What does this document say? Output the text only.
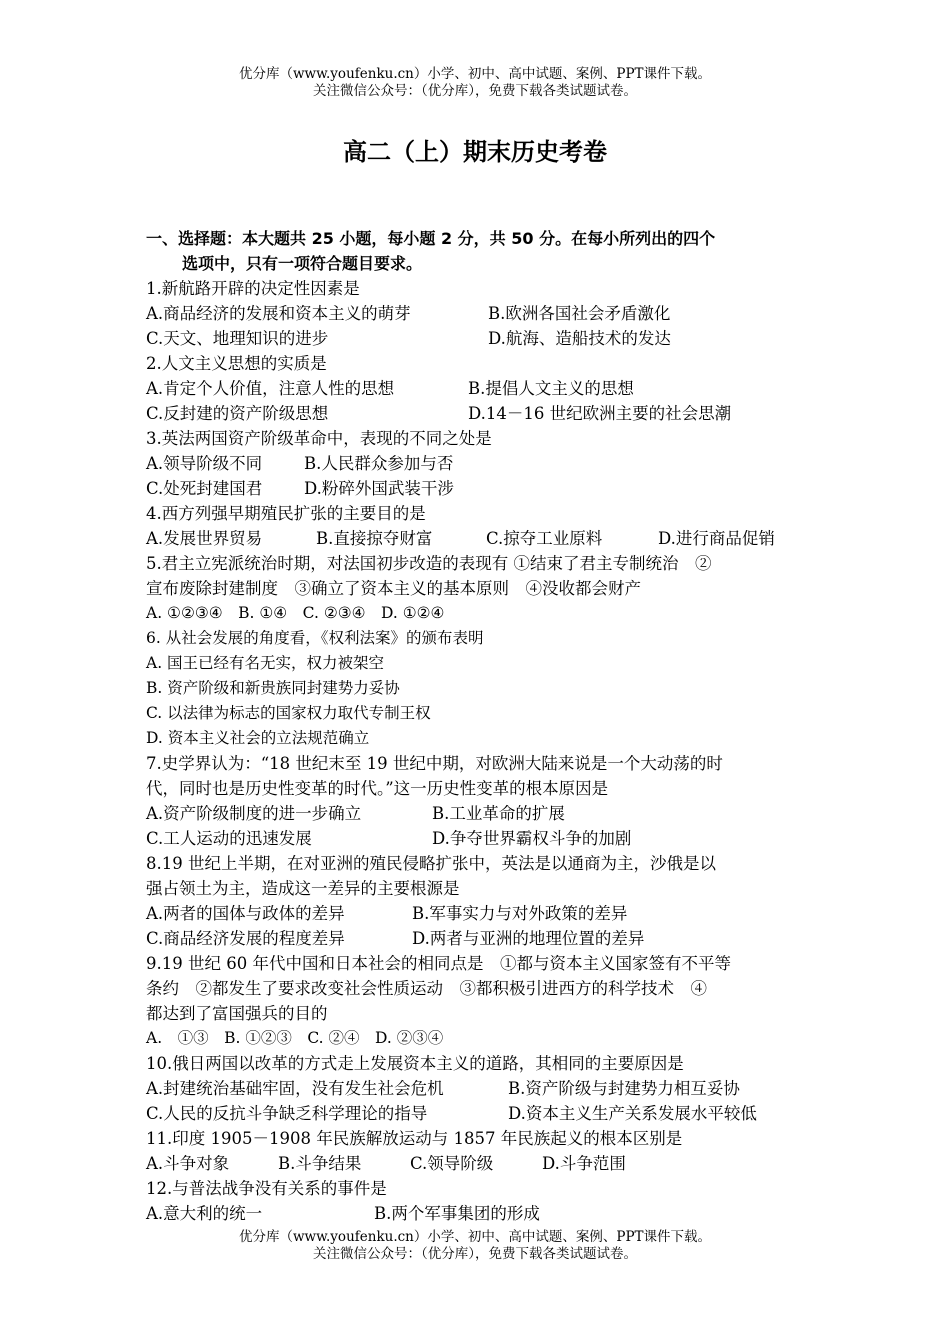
优分库（www.youfenku.cn）小学、初中、高中试题、案例、PPT课件下载。
关注微信公众号：（优分库），免费下载各类试题试卷。
高二（上）期末历史考卷
一、选择题：本大题共 25 小题，每小题 2 分，共 50 分。在每小所列出的四个
选项中，只有一项符合题目要求。
1.新航路开辟的决定性因素是
A.商品经济的发展和资本主义的萌芽	B.欧洲各国社会矛盾激化
C.天文、地理知识的进步	D.航海、造船技术的发达
2.人文主义思想的实质是
A.肯定个人价值，注意人性的思想	B.提倡人文主义的思想
C.反封建的资产阶级思想	D.14－16 世纪欧洲主要的社会思潮
3.英法两国资产阶级革命中，表现的不同之处是
A.领导阶级不同	B.人民群众参加与否
C.处死封建国君	D.粉碎外国武装干涉
4.西方列强早期殖民扩张的主要目的是
A.发展世界贸易	B.直接掠夺财富	C.掠夺工业原料	D.进行商品促销
5.君主立宪派统治时期，对法国初步改造的表现有 ①结束了君主专制统治　②
宣布废除封建制度　③确立了资本主义的基本原则　④没收都会财产
A. ①②③④　B. ①④　C. ②③④　D. ①②④
6. 从社会发展的角度看，《权利法案》的颁布表明
A. 国王已经有名无实，权力被架空
B. 资产阶级和新贵族同封建势力妥协
C. 以法律为标志的国家权力取代专制王权
D. 资本主义社会的立法规范确立
7.史学界认为：“18 世纪末至 19 世纪中期，对欧洲大陆来说是一个大动荡的时
代，同时也是历史性变革的时代。”这一历史性变革的根本原因是
A.资产阶级制度的进一步确立	B.工业革命的扩展
C.工人运动的迅速发展	D.争夺世界霸权斗争的加剧
8.19 世纪上半期，在对亚洲的殖民侵略扩张中，英法是以通商为主，沙俄是以
强占领土为主，造成这一差异的主要根源是
A.两者的国体与政体的差异	B.军事实力与对外政策的差异
C.商品经济发展的程度差异	D.两者与亚洲的地理位置的差异
9.19 世纪 60 年代中国和日本社会的相同点是　①都与资本主义国家签有不平等
条约　②都发生了要求改变社会性质运动　③都积极引进西方的科学技术　④
都达到了富国强兵的目的
A.　①③　B. ①②③　C. ②④　D. ②③④
10.俄日两国以改革的方式走上发展资本主义的道路，其相同的主要原因是
A.封建统治基础牢固，没有发生社会危机	B.资产阶级与封建势力相互妥协
C.人民的反抗斗争缺乏科学理论的指导	D.资本主义生产关系发展水平较低
11.印度 1905－1908 年民族解放运动与 1857 年民族起义的根本区别是
A.斗争对象	B.斗争结果	C.领导阶级	D.斗争范围
12.与普法战争没有关系的事件是
A.意大利的统一	B.两个军事集团的形成
优分库（www.youfenku.cn）小学、初中、高中试题、案例、PPT课件下载。
关注微信公众号：（优分库），免费下载各类试题试卷。
